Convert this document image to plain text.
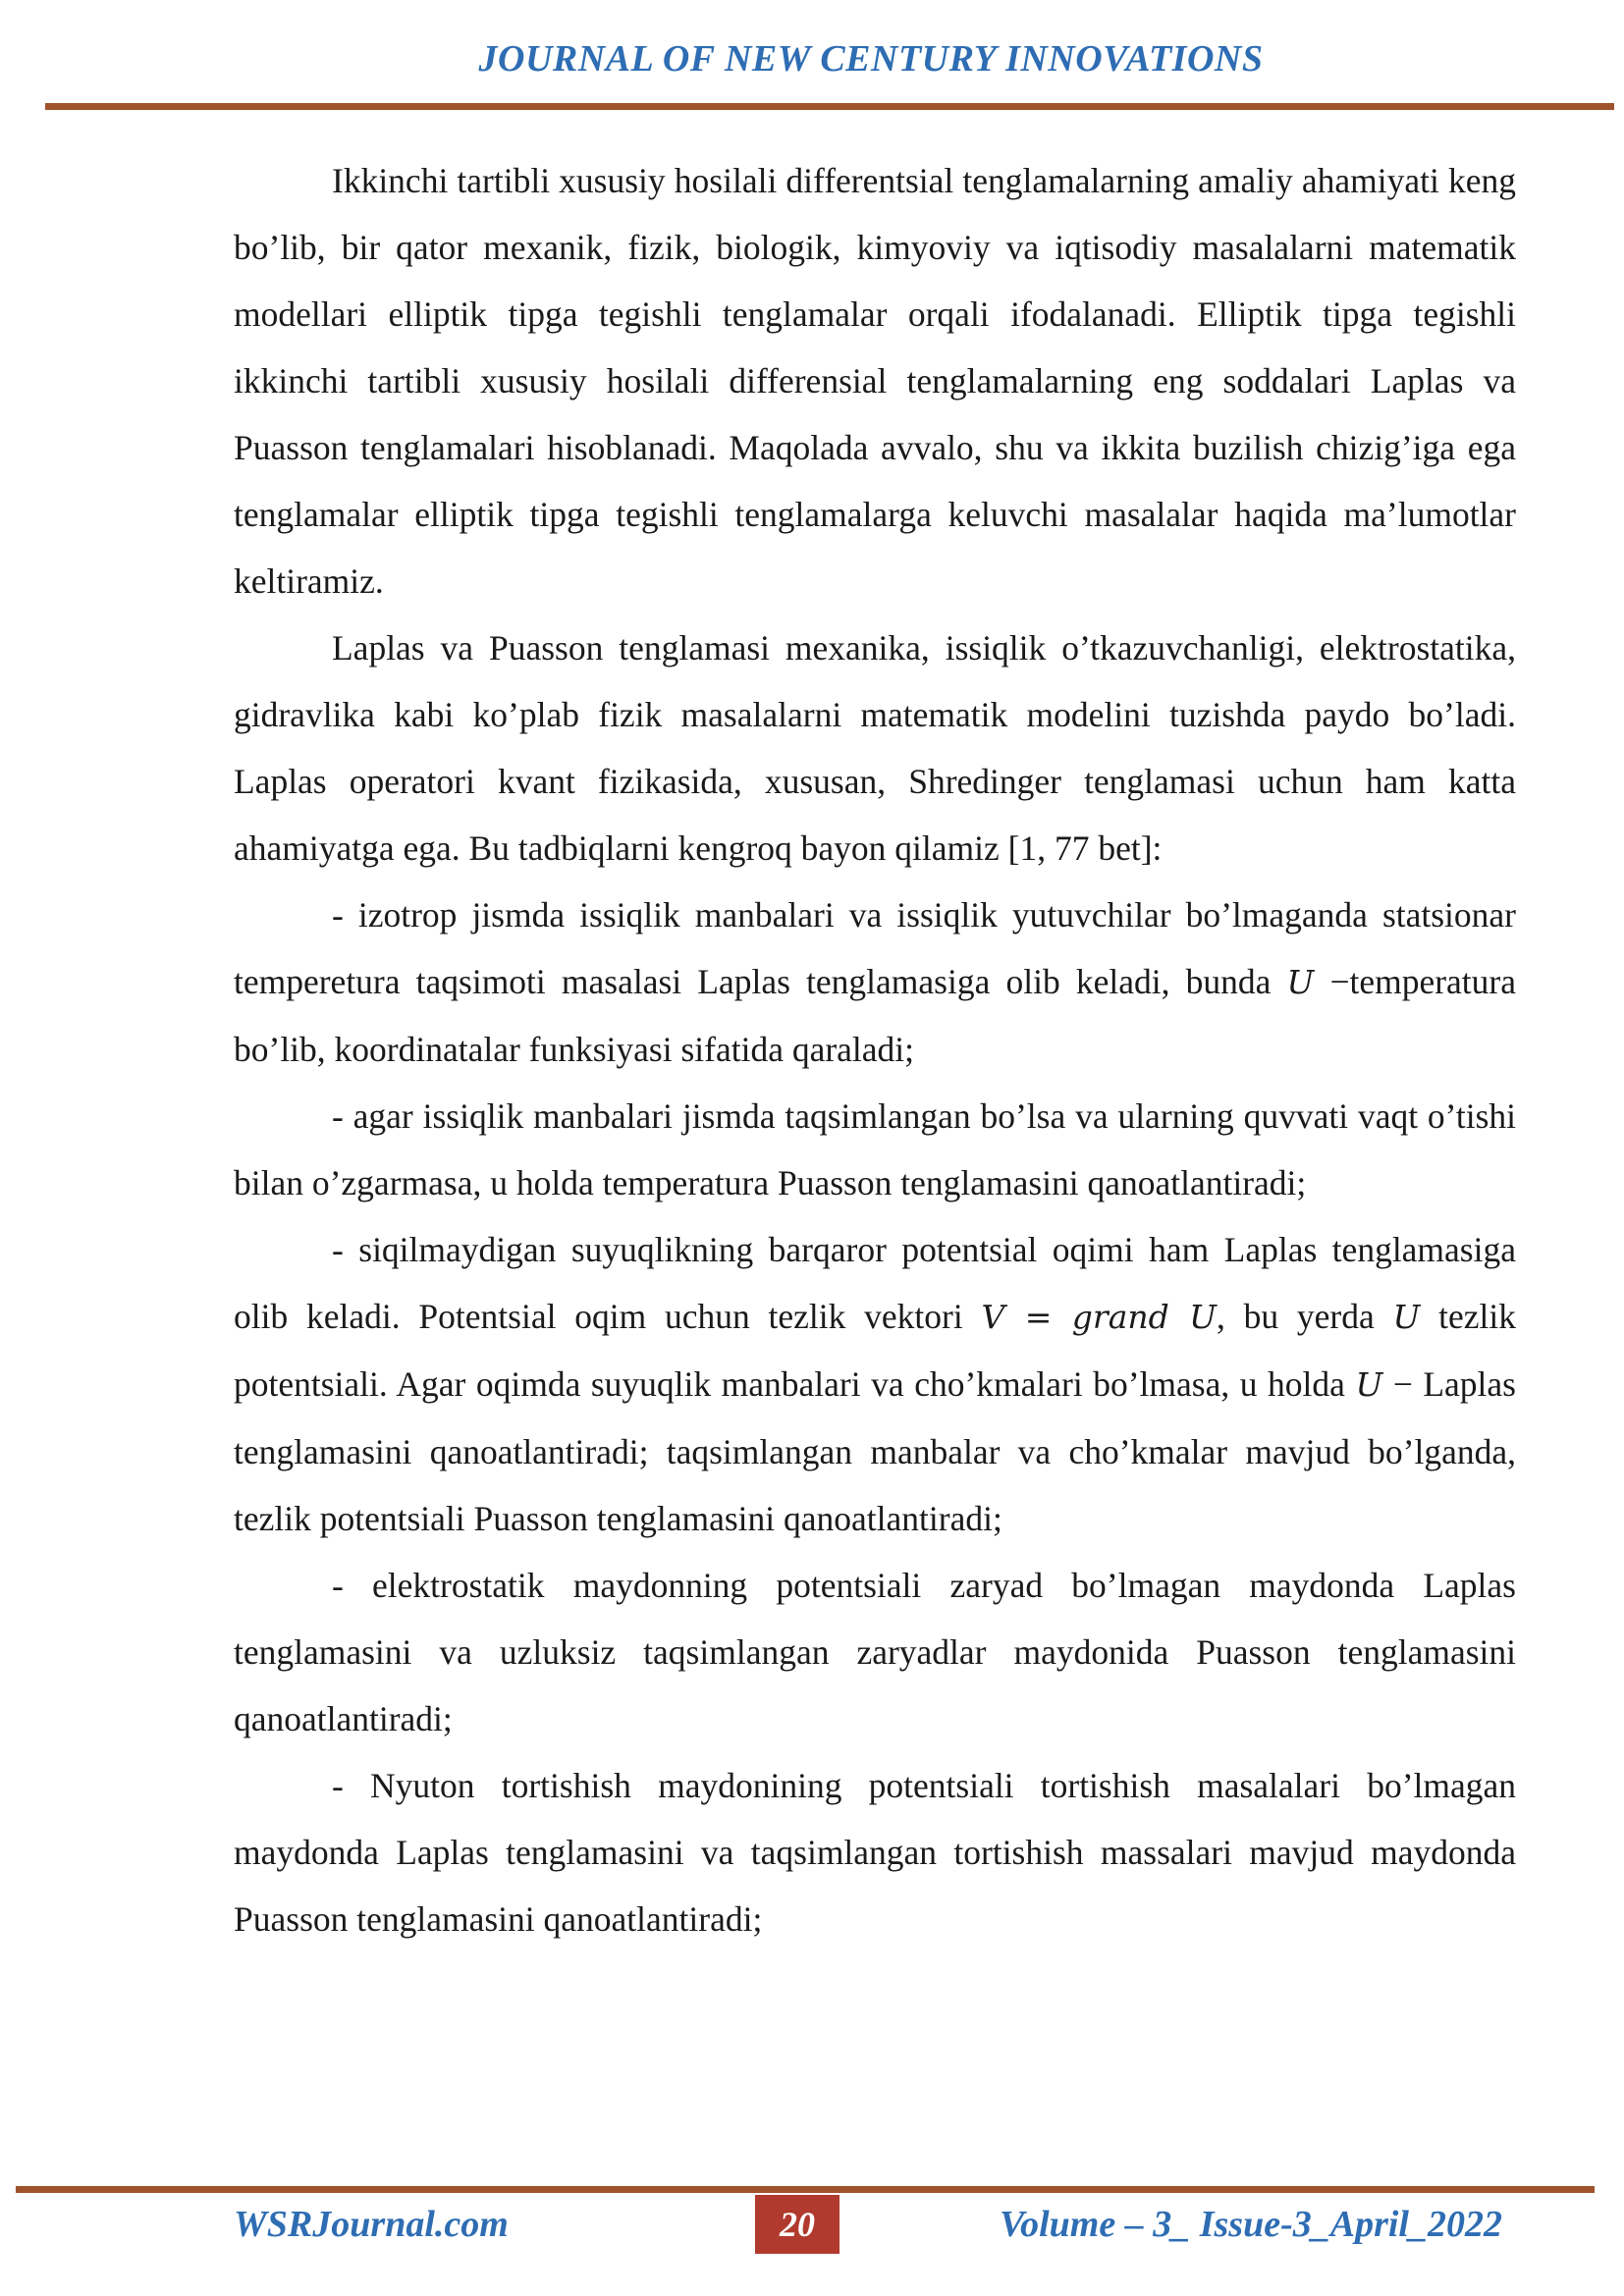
JOURNAL OF NEW CENTURY INNOVATIONS

Ikkinchi tartibli xususiy hosilali differentsial tenglamalarning amaliy ahamiyati keng bo’lib, bir qator mexanik, fizik, biologik, kimyoviy va iqtisodiy masalalarni matematik modellari elliptik tipga tegishli tenglamalar orqali ifodalanadi. Elliptik tipga tegishli ikkinchi tartibli xususiy hosilali differensial tenglamalarning eng soddalari Laplas va Puasson tenglamalari hisoblanadi. Maqolada avvalo, shu va ikkita buzilish chizig’iga ega tenglamalar elliptik tipga tegishli tenglamalarga keluvchi masalalar haqida ma’lumotlar keltiramiz.

Laplas va Puasson tenglamasi mexanika, issiqlik o’tkazuvchanligi, elektrostatika, gidravlika kabi ko’plab fizik masalalarni matematik modelini tuzishda paydo bo’ladi. Laplas operatori kvant fizikasida, xususan, Shredinger tenglamasi uchun ham katta ahamiyatga ega. Bu tadbiqlarni kengroq bayon qilamiz [1, 77 bet]:

- izotrop jismda issiqlik manbalari va issiqlik yutuvchilar bo’lmaganda statsionar temperetura taqsimoti masalasi Laplas tenglamasiga olib keladi, bunda U −temperatura bo’lib, koordinatalar funksiyasi sifatida qaraladi;

- agar issiqlik manbalari jismda taqsimlangan bo’lsa va ularning quvvati vaqt o’tishi bilan o’zgarmasa, u holda temperatura Puasson tenglamasini qanoatlantiradi;

- siqilmaydigan suyuqlikning barqaror potentsial oqimi ham Laplas tenglamasiga olib keladi. Potentsial oqim uchun tezlik vektori V = grand U, bu yerda U tezlik potentsiali. Agar oqimda suyuqlik manbalari va cho’kmalari bo’lmasa, u holda U − Laplas tenglamasini qanoatlantiradi; taqsimlangan manbalar va cho’kmalar mavjud bo’lganda, tezlik potentsiali Puasson tenglamasini qanoatlantiradi;

- elektrostatik maydonning potentsiali zaryad bo’lmagan maydonda Laplas tenglamasini va uzluksiz taqsimlangan zaryadlar maydonida Puasson tenglamasini qanoatlantiradi;

- Nyuton tortishish maydonining potentsiali tortishish masalalari bo’lmagan maydonda Laplas tenglamasini va taqsimlangan tortishish massalari mavjud maydonda Puasson tenglamasini qanoatlantiradi;

WSRJournal.com	20	Volume – 3_ Issue-3_April_2022
